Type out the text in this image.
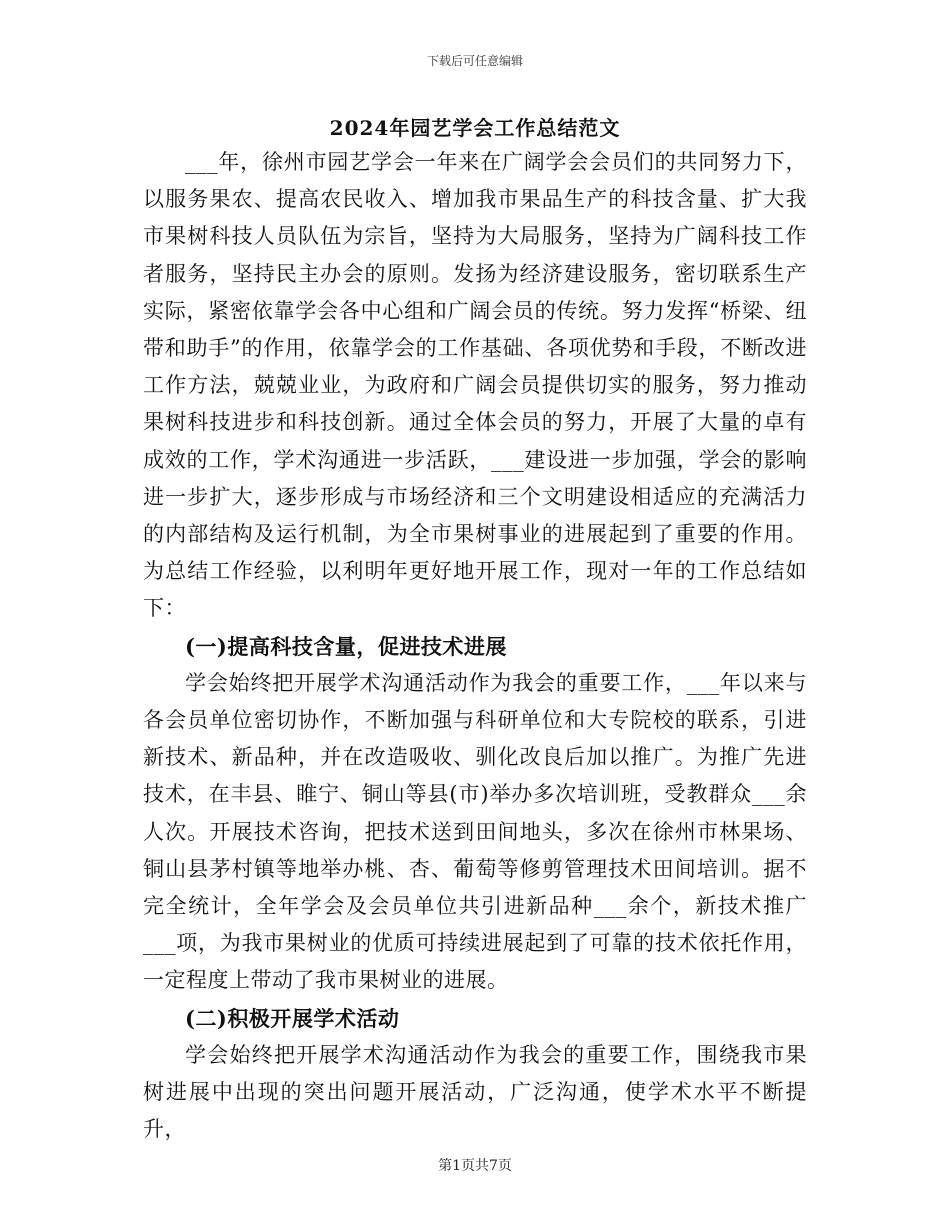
下载后可任意编辑
2024年园艺学会工作总结范文

___年，徐州市园艺学会一年来在广阔学会会员们的共同努力下，以服务果农、提高农民收入、增加我市果品生产的科技含量、扩大我市果树科技人员队伍为宗旨，坚持为大局服务，坚持为广阔科技工作者服务，坚持民主办会的原则。发扬为经济建设服务，密切联系生产实际，紧密依靠学会各中心组和广阔会员的传统。努力发挥“桥梁、纽带和助手”的作用，依靠学会的工作基础、各项优势和手段，不断改进工作方法，兢兢业业，为政府和广阔会员提供切实的服务，努力推动果树科技进步和科技创新。通过全体会员的努力，开展了大量的卓有成效的工作，学术沟通进一步活跃，___建设进一步加强，学会的影响进一步扩大，逐步形成与市场经济和三个文明建设相适应的充满活力的内部结构及运行机制，为全市果树事业的进展起到了重要的作用。为总结工作经验，以利明年更好地开展工作，现对一年的工作总结如下：

(一)提高科技含量，促进技术进展

学会始终把开展学术沟通活动作为我会的重要工作，___年以来与各会员单位密切协作，不断加强与科研单位和大专院校的联系，引进新技术、新品种，并在改造吸收、驯化改良后加以推广。为推广先进技术，在丰县、睢宁、铜山等县(市)举办多次培训班，受教群众___余人次。开展技术咨询，把技术送到田间地头，多次在徐州市林果场、铜山县茅村镇等地举办桃、杏、葡萄等修剪管理技术田间培训。据不完全统计，全年学会及会员单位共引进新品种___余个，新技术推广___项，为我市果树业的优质可持续进展起到了可靠的技术依托作用，一定程度上带动了我市果树业的进展。

(二)积极开展学术活动

学会始终把开展学术沟通活动作为我会的重要工作，围绕我市果树进展中出现的突出问题开展活动，广泛沟通，使学术水平不断提升，

第1页共7页
